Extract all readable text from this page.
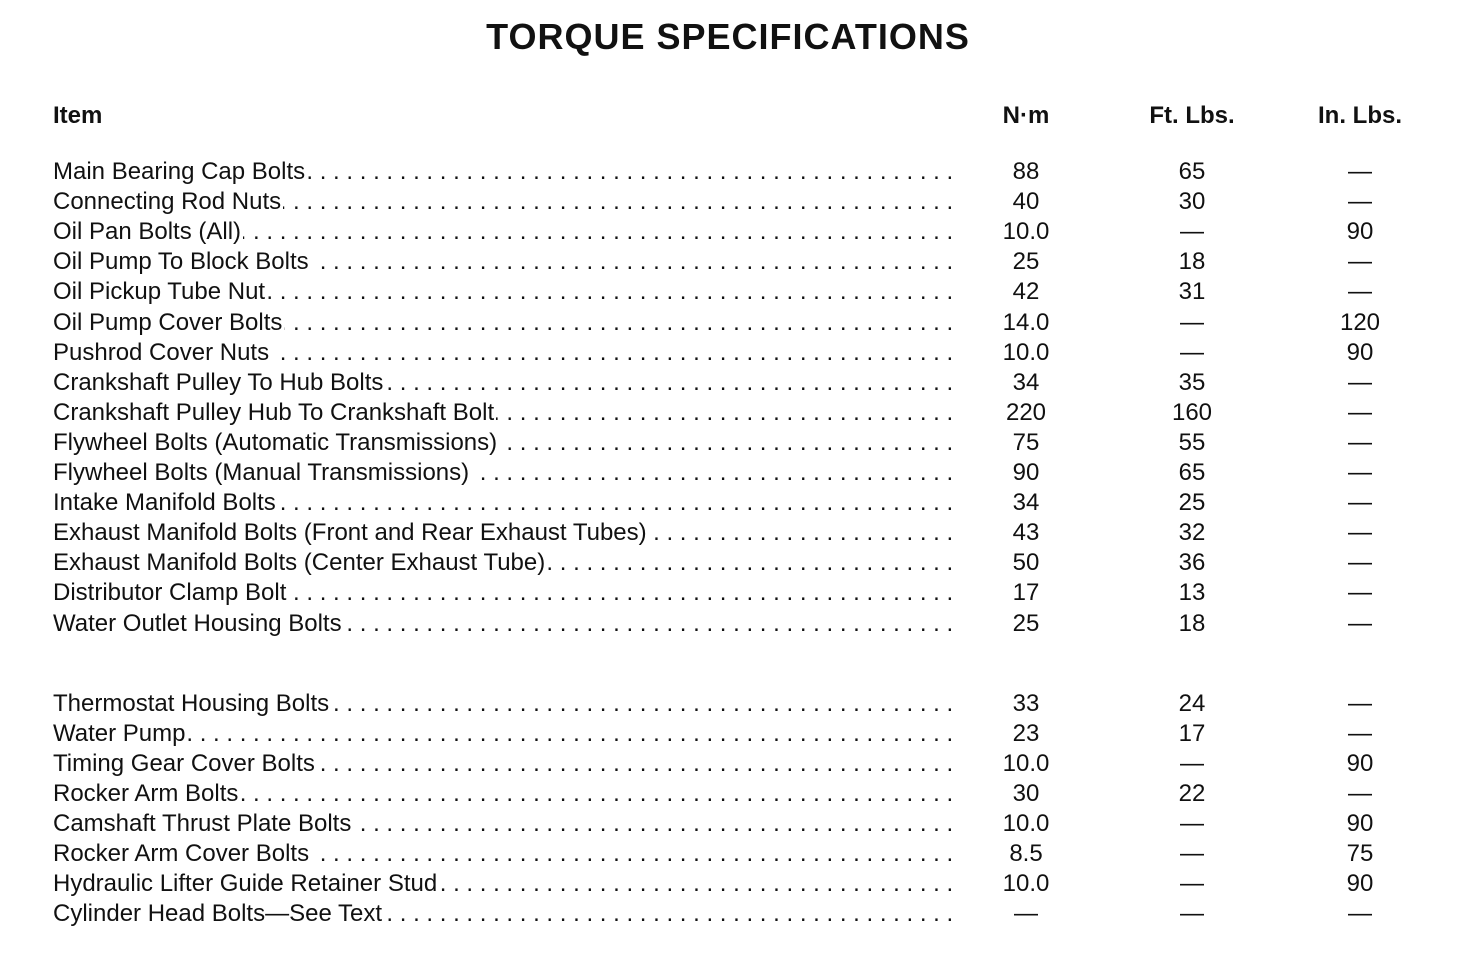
TORQUE SPECIFICATIONS
Item	N·m	Ft. Lbs.	In. Lbs.
Main Bearing Cap Bolts . . .	88	65	—
Connecting Rod Nuts . . .	40	30	—
Oil Pan Bolts (All) . . .	10.0	—	90
Oil Pump To Block Bolts . . .	25	18	—
Oil Pickup Tube Nut . . .	42	31	—
Oil Pump Cover Bolts . . .	14.0	—	120
Pushrod Cover Nuts . . .	10.0	—	90
Crankshaft Pulley To Hub Bolts . . .	34	35	—
Crankshaft Pulley Hub To Crankshaft Bolt . . .	220	160	—
Flywheel Bolts (Automatic Transmissions) . . .	75	55	—
Flywheel Bolts (Manual Transmissions) . . .	90	65	—
Intake Manifold Bolts . . .	34	25	—
Exhaust Manifold Bolts (Front and Rear Exhaust Tubes) . . .	43	32	—
Exhaust Manifold Bolts (Center Exhaust Tube) . . .	50	36	—
Distributor Clamp Bolt . . .	17	13	—
Water Outlet Housing Bolts . . .	25	18	—
Thermostat Housing Bolts . . .	33	24	—
Water Pump . . .	23	17	—
Timing Gear Cover Bolts . . .	10.0	—	90
Rocker Arm Bolts . . .	30	22	—
Camshaft Thrust Plate Bolts . . .	10.0	—	90
Rocker Arm Cover Bolts . . .	8.5	—	75
Hydraulic Lifter Guide Retainer Stud . . .	10.0	—	90
Cylinder Head Bolts—See Text . . .	—	—	—
